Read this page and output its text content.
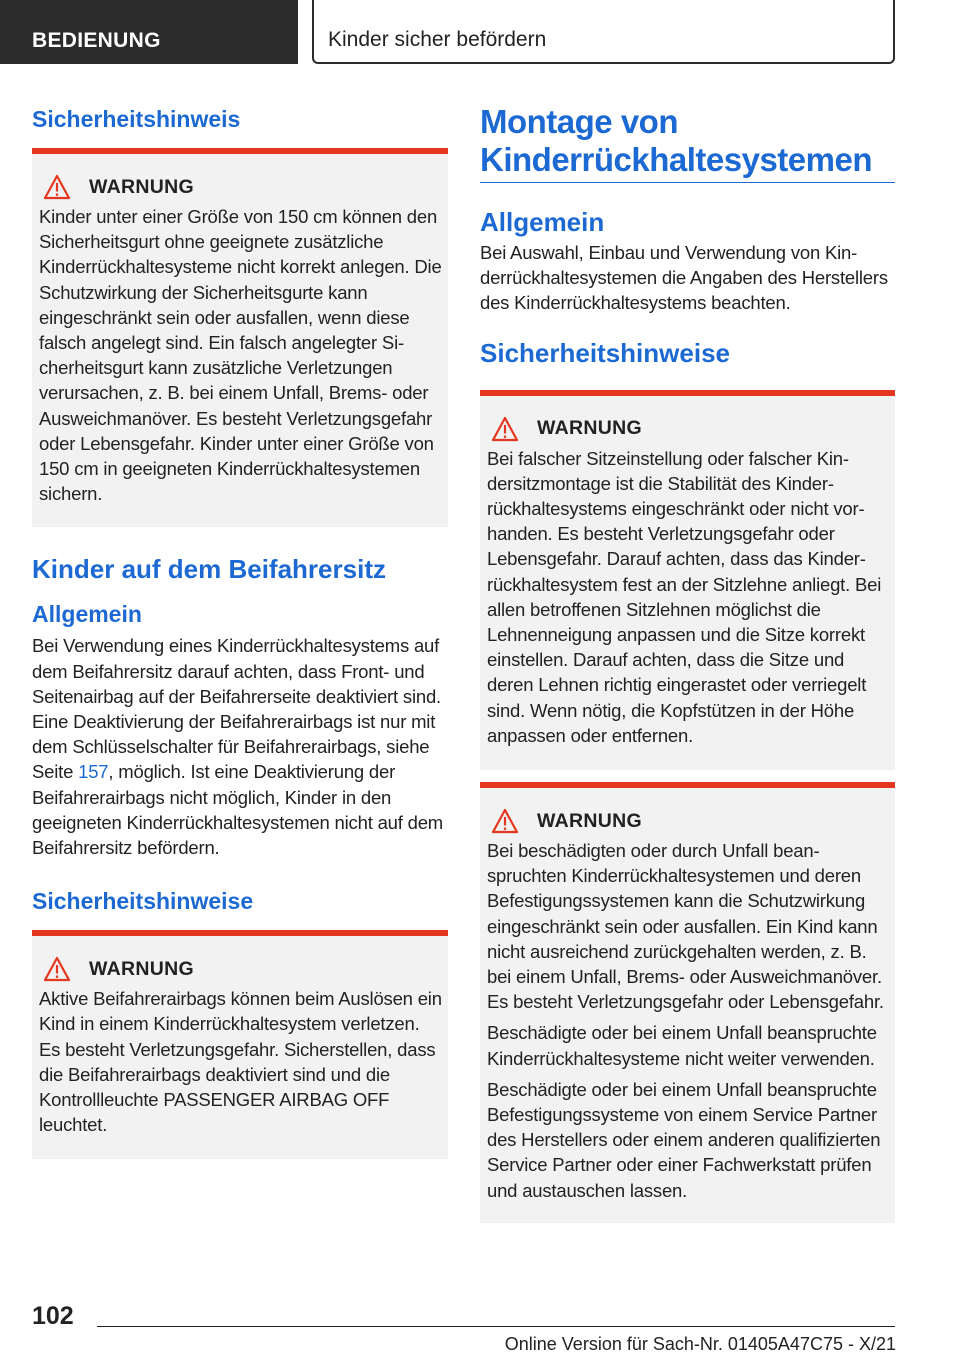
BEDIENUNG	Kinder sicher befördern
Sicherheitshinweis
WARNUNG

Kinder unter einer Größe von 150 cm können den Sicherheitsgurt ohne geeignete zusätzliche Kinderrückhaltesysteme nicht korrekt anlegen. Die Schutzwirkung der Sicherheitsgurte kann eingeschränkt sein oder ausfallen, wenn diese falsch angelegt sind. Ein falsch angelegter Sicherheitsgurt kann zusätzliche Verletzungen verursachen, z. B. bei einem Unfall, Brems- oder Ausweichmanöver. Es besteht Verletzungsgefahr oder Lebensgefahr. Kinder unter einer Größe von 150 cm in geeigneten Kinderrückhaltesystemen sichern.

Kinder auf dem Beifahrersitz
Allgemein

Bei Verwendung eines Kinderrückhaltesystems auf dem Beifahrersitz darauf achten, dass Front- und Seitenairbag auf der Beifahrerseite deaktiviert sind. Eine Deaktivierung der Beifahrerairbags ist nur mit dem Schlüsselschalter für Beifahrerairbags, siehe Seite 157, möglich. Ist eine Deaktivierung der Beifahrerairbags nicht möglich, Kinder in den geeigneten Kinderrückhaltesystemen nicht auf dem Beifahrersitz befördern.

Sicherheitshinweise
WARNUNG

Aktive Beifahrerairbags können beim Auslösen ein Kind in einem Kinderrückhaltesystem verletzen. Es besteht Verletzungsgefahr. Sicherstellen, dass die Beifahrerairbags deaktiviert sind und die Kontrollleuchte PASSENGER AIRBAG OFF leuchtet.

Montage von Kinderrückhaltesystemen
Allgemein

Bei Auswahl, Einbau und Verwendung von Kinderrückhaltesystemen die Angaben des Herstellers des Kinderrückhaltesystems beachten.

Sicherheitshinweise
WARNUNG

Bei falscher Sitzeinstellung oder falscher Kindersitzmontage ist die Stabilität des Kinderrückhaltesystems eingeschränkt oder nicht vorhanden. Es besteht Verletzungsgefahr oder Lebensgefahr. Darauf achten, dass das Kinderrückhaltesystem fest an der Sitzlehne anliegt. Bei allen betroffenen Sitzlehnen möglichst die Lehnenneigung anpassen und die Sitze korrekt einstellen. Darauf achten, dass die Sitze und deren Lehnen richtig eingerastet oder verriegelt sind. Wenn nötig, die Kopfstützen in der Höhe anpassen oder entfernen.

WARNUNG

Bei beschädigten oder durch Unfall beanspruchten Kinderrückhaltesystemen und deren Befestigungssystemen kann die Schutzwirkung eingeschränkt sein oder ausfallen. Ein Kind kann nicht ausreichend zurückgehalten werden, z. B. bei einem Unfall, Brems- oder Ausweichmanöver. Es besteht Verletzungsgefahr oder Lebensgefahr.

Beschädigte oder bei einem Unfall beanspruchte Kinderrückhaltesysteme nicht weiter verwenden.

Beschädigte oder bei einem Unfall beanspruchte Befestigungssysteme von einem Service Partner des Herstellers oder einem anderen qualifizierten Service Partner oder einer Fachwerkstatt prüfen und austauschen lassen.

102
Online Version für Sach-Nr. 01405A47C75 - X/21
